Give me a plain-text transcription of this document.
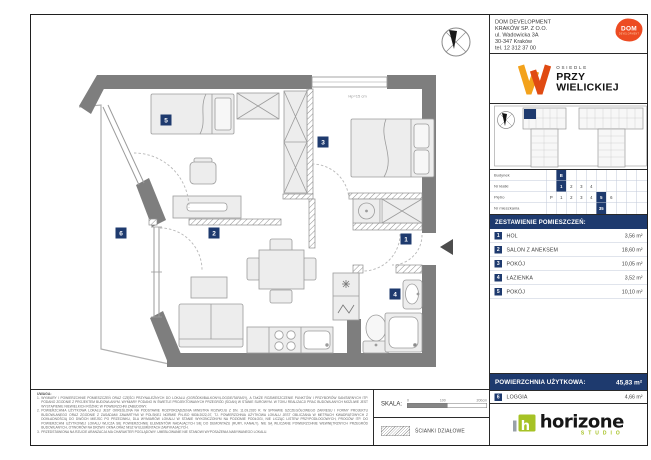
1
2
3
4
5
6
Hp=15 cm
DOM DEVELOPMENT
KRAKÓW SP. Z O.O.
ul. Wadowicka 3A
30-347 Kraków
tel. 12 312 37 00
DOM
DEVELOPMENT
OSIEDLE
PRZY
WIELICKIEJ
Budynek	B
Nr klatki	1 2 3 4
Piętro	P 1 2 3 4 5 6
Nr mieszkania	35
ZESTAWIENIE POMIESZCZEŃ:
1 HOL	3,56 m²
2 SALON Z ANEKSEM	18,60 m²
3 POKÓJ	10,05 m²
4 ŁAZIENKA	3,52 m²
5 POKÓJ	10,10 m²
POWIERZCHNIA UŻYTKOWA: 45,83 m²
6 LOGGIA	4,66 m²
h horizone
STUDIO
UWAGA:
1. WYMIARY I POWIERZCHNIE POMIESZCZEŃ ORAZ CZĘŚCI PRZYNALEŻNYCH DO LOKALU (OGRÓDKI/BALKONY/LOGGIE/TARASY), A TAKŻE ROZMIESZCZENIE PUNKTÓW I PRZYBORÓW SANITARNYCH ITP. PODANO ZGODNIE Z PROJEKTEM BUDOWLANYM. WYMIARY PODANO W ŚWIETLE PROJEKTOWANYCH PRZEGRÓD (ŚCIAN) W STANIE SUROWYM. W TOKU REALIZACJI PRAC BUDOWLANYCH MOŻLIWE JEST WYSTĄPIENIE NIEWIELKICH RÓŻNIC W POWIERZCHNI ZABUDOWY.
2. POWIERZCHNIA UŻYTKOWA LOKALU JEST OKREŚLONA NA PODSTAWIE ROZPORZĄDZENIA MINISTRA ROZWOJU Z DN. 11.09.2020 R. W SPRAWIE SZCZEGÓŁOWEGO ZAKRESU I FORMY PROJEKTU BUDOWLANEGO ORAZ ZGODNIE Z ZASADAMI ZAWARTYMI W POLSKIEJ NORMIE PN-ISO 9836:2022-07, TJ. POWIERZCHNIA UŻYTKOWA LOKALU JEST OBLICZANA W METRACH KWADRATOWYCH Z DOKŁADNOŚCIĄ DO DWÓCH MIEJSC PO PRZECINKU, DLA WYMIARÓW LOKALU W STANIE WYKOŃCZONYM NA POZIOMIE PODŁOGI, NIE LICZĄC LISTEW PRZYPODŁOGOWYCH, PROGÓW ITP. DO POWIERZCHNI UŻYTKOWEJ LOKALU WLICZA SIĘ POWIERZCHNIĘ ELEMENTÓW NADAJĄCYCH SIĘ DO DEMONTAŻU (RURY, KANAŁY). NIE SĄ WLICZANE POWIERZCHNIE WEWNĘTRZNYCH PRZEGRÓD BUDOWLANYCH, OTWORÓW NA DRZWI I OKNA ORAZ NISZ W ELEMENTACH ZAMYKAJĄCYCH.
3. PRZEDSTAWIONA NA RZUCIE ARANŻACJA MA CHARAKTER POGLĄDOWY. UMEBLOWANIE NIE STANOWI WYPOSAŻENIA NABYWANEGO LOKALU.
SKALA: 0	100	200cm
ŚCIANKI DZIAŁOWE
